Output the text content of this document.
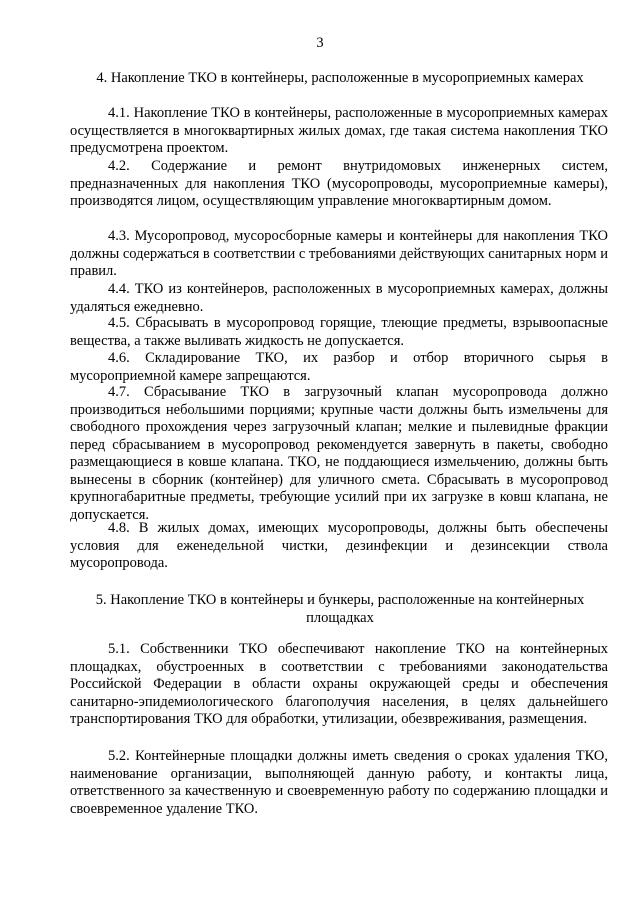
3
4. Накопление ТКО в контейнеры, расположенные в мусороприемных камерах
4.1. Накопление ТКО в контейнеры, расположенные в мусороприемных камерах осуществляется в многоквартирных жилых домах, где такая система накопления ТКО предусмотрена проектом.
4.2. Содержание и ремонт внутридомовых инженерных систем, предназначенных для накопления ТКО (мусоропроводы, мусороприемные камеры), производятся лицом, осуществляющим управление многоквартирным домом.
4.3. Мусоропровод, мусоросборные камеры и контейнеры для накопления ТКО должны содержаться в соответствии с требованиями действующих санитарных норм и правил.
4.4. ТКО из контейнеров, расположенных в мусороприемных камерах, должны удаляться ежедневно.
4.5. Сбрасывать в мусоропровод горящие, тлеющие предметы, взрывоопасные вещества, а также выливать жидкость не допускается.
4.6. Складирование ТКО, их разбор и отбор вторичного сырья в мусороприемной камере запрещаются.
4.7. Сбрасывание ТКО в загрузочный клапан мусоропровода должно производиться небольшими порциями; крупные части должны быть измельчены для свободного прохождения через загрузочный клапан; мелкие и пылевидные фракции перед сбрасыванием в мусоропровод рекомендуется завернуть в пакеты, свободно размещающиеся в ковше клапана. ТКО, не поддающиеся измельчению, должны быть вынесены в сборник (контейнер) для уличного смета. Сбрасывать в мусоропровод крупногабаритные предметы, требующие усилий при их загрузке в ковш клапана, не допускается.
4.8. В жилых домах, имеющих мусоропроводы, должны быть обеспечены условия для еженедельной чистки, дезинфекции и дезинсекции ствола мусоропровода.
5. Накопление ТКО в контейнеры и бункеры, расположенные на контейнерных площадках
5.1. Собственники ТКО обеспечивают накопление ТКО на контейнерных площадках, обустроенных в соответствии с требованиями законодательства Российской Федерации в области охраны окружающей среды и обеспечения санитарно-эпидемиологического благополучия населения, в целях дальнейшего транспортирования ТКО для обработки, утилизации, обезвреживания, размещения.
5.2. Контейнерные площадки должны иметь сведения о сроках удаления ТКО, наименование организации, выполняющей данную работу, и контакты лица, ответственного за качественную и своевременную работу по содержанию площадки и своевременное удаление ТКО.
